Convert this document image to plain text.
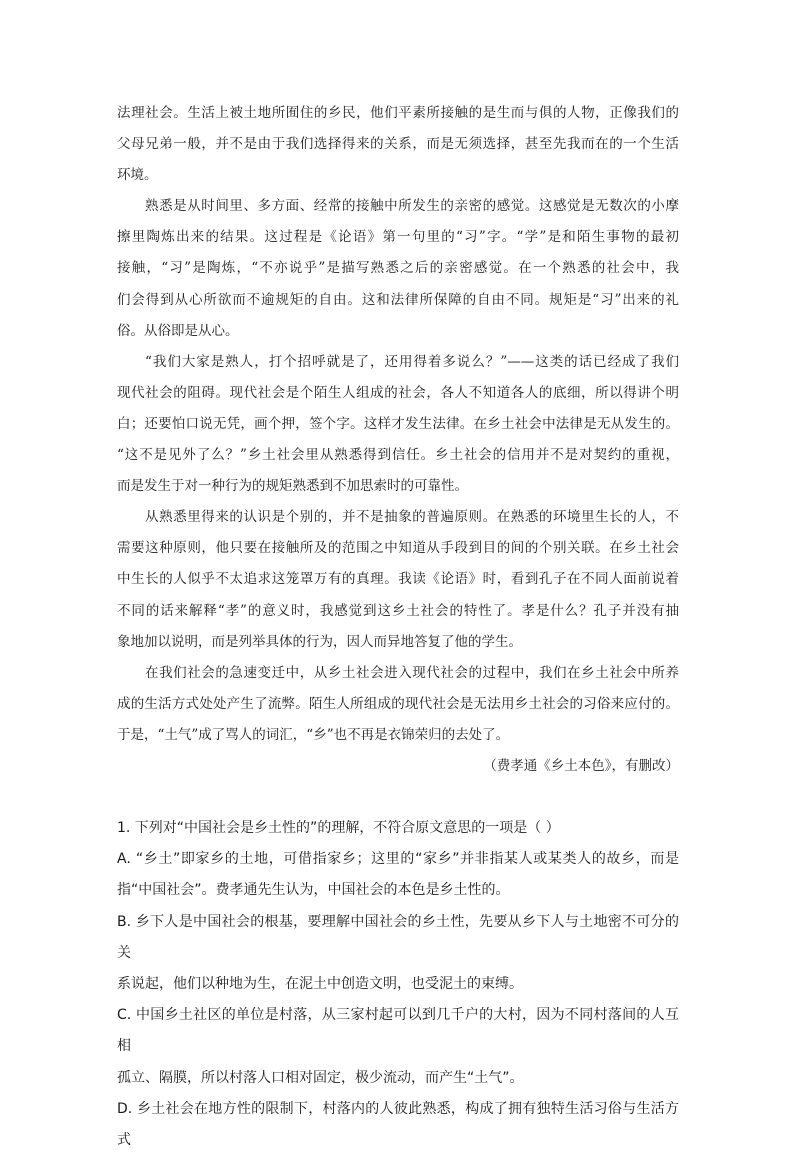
法理社会。生活上被土地所囿住的乡民，他们平素所接触的是生而与俱的人物，正像我们的

父母兄弟一般，并不是由于我们选择得来的关系，而是无须选择，甚至先我而在的一个生活

环境。

熟悉是从时间里、多方面、经常的接触中所发生的亲密的感觉。这感觉是无数次的小摩

擦里陶炼出来的结果。这过程是《论语》第一句里的“习”字。“学”是和陌生事物的最初

接触，“习”是陶炼，“不亦说乎”是描写熟悉之后的亲密感觉。在一个熟悉的社会中，我

们会得到从心所欲而不逾规矩的自由。这和法律所保障的自由不同。规矩是“习”出来的礼

俗。从俗即是从心。

“我们大家是熟人，打个招呼就是了，还用得着多说么？”——这类的话已经成了我们

现代社会的阻碍。现代社会是个陌生人组成的社会，各人不知道各人的底细，所以得讲个明

白；还要怕口说无凭，画个押，签个字。这样才发生法律。在乡土社会中法律是无从发生的。

“这不是见外了么？”乡土社会里从熟悉得到信任。乡土社会的信用并不是对契约的重视，

而是发生于对一种行为的规矩熟悉到不加思索时的可靠性。

从熟悉里得来的认识是个别的，并不是抽象的普遍原则。在熟悉的环境里生长的人，不

需要这种原则，他只要在接触所及的范围之中知道从手段到目的间的个别关联。在乡土社会

中生长的人似乎不太追求这笼罩万有的真理。我读《论语》时，看到孔子在不同人面前说着

不同的话来解释“孝”的意义时，我感觉到这乡土社会的特性了。孝是什么？孔子并没有抽

象地加以说明，而是列举具体的行为，因人而异地答复了他的学生。

在我们社会的急速变迁中，从乡土社会进入现代社会的过程中，我们在乡土社会中所养

成的生活方式处处产生了流弊。陌生人所组成的现代社会是无法用乡土社会的习俗来应付的。

于是，“土气”成了骂人的词汇，“乡”也不再是衣锦荣归的去处了。

（费孝通《乡土本色》，有删改）

1. 下列对“中国社会是乡土性的”的理解，不符合原文意思的一项是（ ）

A. “乡土”即家乡的土地，可借指家乡；这里的“家乡”并非指某人或某类人的故乡，而是

指“中国社会”。费孝通先生认为，中国社会的本色是乡土性的。

B. 乡下人是中国社会的根基，要理解中国社会的乡土性，先要从乡下人与土地密不可分的关

系说起，他们以种地为生，在泥土中创造文明，也受泥土的束缚。

C. 中国乡土社区的单位是村落，从三家村起可以到几千户的大村，因为不同村落间的人互相

孤立、隔膜，所以村落人口相对固定，极少流动，而产生“土气”。

D. 乡土社会在地方性的限制下，村落内的人彼此熟悉，构成了拥有独特生活习俗与生活方式
